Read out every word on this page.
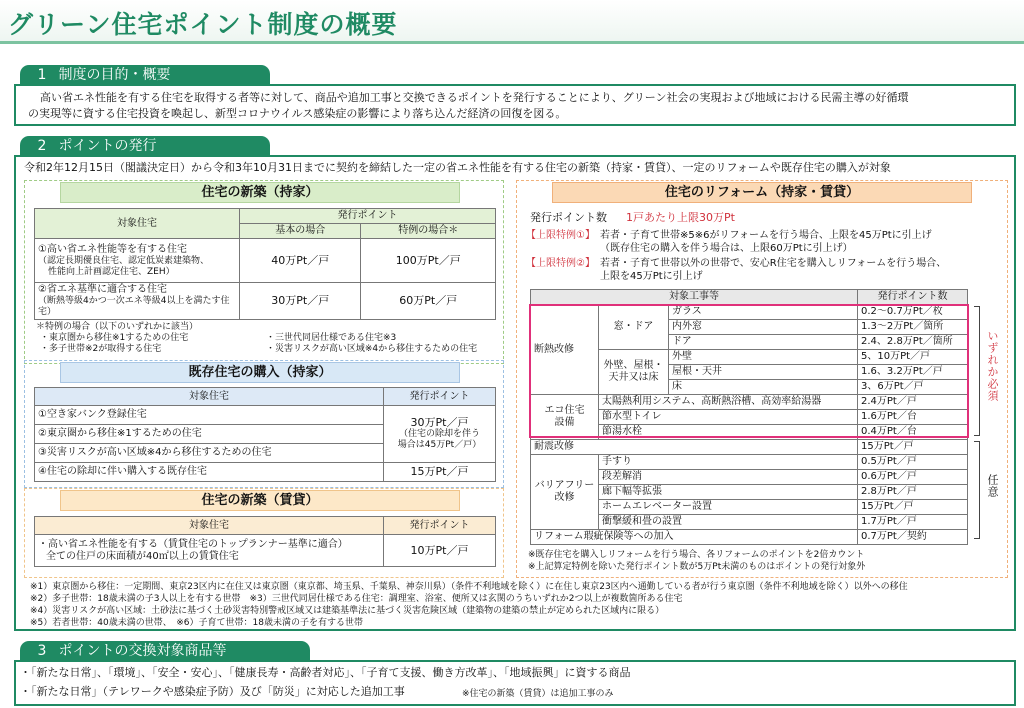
グリーン住宅ポイント制度の概要
1 制度の目的・概要
高い省エネ性能を有する住宅を取得する者等に対して、商品や追加工事と交換できるポイントを発行することにより、グリーン社会の実現および地域における民需主導の好循環
の実現等に資する住宅投資を喚起し、新型コロナウイルス感染症の影響により落ち込んだ経済の回復を図る。
2 ポイントの発行
令和2年12月15日（閣議決定日）から令和3年10月31日までに契約を締結した一定の省エネ性能を有する住宅の新築（持家・賃貸）、一定のリフォームや既存住宅の購入が対象
住宅の新築（持家）
対象住宅	発行ポイント	
	基本の場合	特例の場合＊

①高い省エネ性能等を有する住宅
（認定長期優良住宅、認定低炭素建築物、
性能向上計画認定住宅、ZEH）	40万Pt／戸	100万Pt／戸

②省エネ基準に適合する住宅
（断熱等級4かつ一次エネ等級4以上を満たす住宅）	30万Pt／戸	60万Pt／戸
＊特例の場合（以下のいずれかに該当）
・東京圏から移住※1するための住宅
・多子世帯※2が取得する住宅
・三世代同居仕様である住宅※3
・災害リスクが高い区域※4から移住するための住宅
既存住宅の購入（持家）
対象住宅	発行ポイント
①空き家バンク登録住宅	30万Pt／戸
（住宅の除却を伴う
場合は45万Pt／戸）

②東京圏から移住※1するための住宅	
③災害リスクが高い区域※4から移住するための住宅	
④住宅の除却に伴い購入する既存住宅	15万Pt／戸
住宅の新築（賃貸）
対象住宅	発行ポイント

・高い省エネ性能を有する（賃貸住宅のトップランナー基準に適合）
全ての住戸の床面積が40㎡以上の賃貸住宅	10万Pt／戸
住宅のリフォーム（持家・賃貸）
発行ポイント数 1戸あたり上限30万Pt
【上限特例①】 若者・子育て世帯※5※6がリフォームを行う場合、上限を45万Ptに引上げ
（既存住宅の購入を伴う場合は、上限60万Ptに引上げ）
【上限特例②】 若者・子育て世帯以外の世帯で、安心R住宅を購入しリフォームを行う場合、
上限を45万Ptに引上げ
対象工事等			発行ポイント数
断熱改修	窓・ドア	ガラス	0.2～0.7万Pt／枚
		内外窓	1.3～2万Pt／箇所
		ドア	2.4、2.8万Pt／箇所

	外壁、屋根・
天井又は床	外壁	5、10万Pt／戸
		屋根・天井	1.6、3.2万Pt／戸
		床	3、6万Pt／戸

エコ住宅
設備	太陽熱利用システム、高断熱浴槽、高効率給湯器		2.4万Pt／戸
	節水型トイレ		1.6万Pt／台
	節湯水栓		0.4万Pt／台
耐震改修			15万Pt／戸

バリアフリー
改修	手すり		0.5万Pt／戸
	段差解消		0.6万Pt／戸
	廊下幅等拡張		2.8万Pt／戸
	ホームエレベーター設置		15万Pt／戸
	衝撃緩和畳の設置		1.7万Pt／戸
リフォーム瑕疵保険等への加入			0.7万Pt／契約
いずれか必須
任意
※既存住宅を購入しリフォームを行う場合、各リフォームのポイントを2倍カウント
※上記算定特例を除いた発行ポイント数が5万Pt未満のものはポイントの発行対象外
※1）東京圏から移住：一定期間、東京23区内に在住又は東京圏（東京都、埼玉県、千葉県、神奈川県）（条件不利地域を除く）に在住し東京23区内へ通勤している者が行う東京圏（条件不利地域を除く）以外への移住
※2）多子世帯：18歳未満の子3人以上を有する世帯　※3）三世代同居仕様である住宅：調理室、浴室、便所又は玄関のうちいずれか2つ以上が複数箇所ある住宅
※4）災害リスクが高い区域：土砂法に基づく土砂災害特別警戒区域又は建築基準法に基づく災害危険区域（建築物の建築の禁止が定められた区域内に限る）
※5）若者世帯：40歳未満の世帯、　※6）子育て世帯：18歳未満の子を有する世帯
3 ポイントの交換対象商品等
・「新たな日常」、「環境」、「安全・安心」、「健康長寿・高齢者対応」、「子育て支援、働き方改革」、「地域振興」に資する商品
・「新たな日常」（テレワークや感染症予防）及び「防災」に対応した追加工事	※住宅の新築（賃貸）は追加工事のみ
